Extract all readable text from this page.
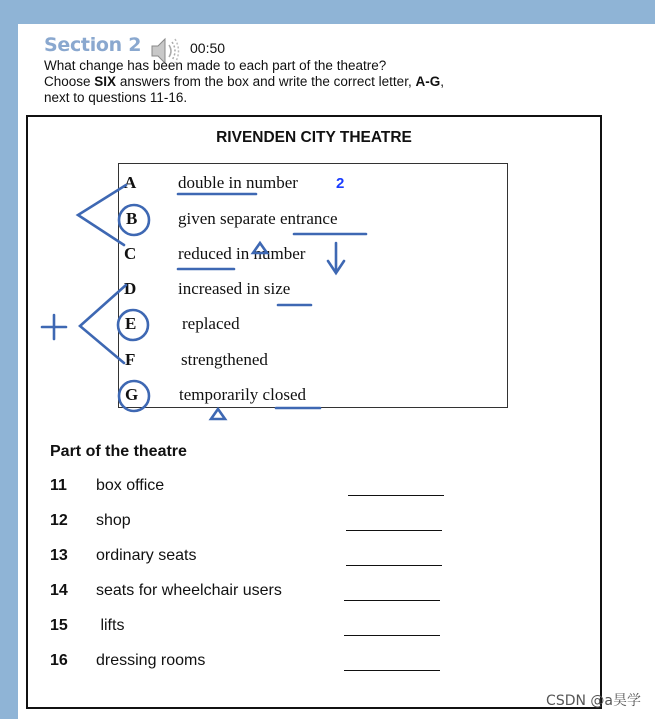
Section 2	00:50
What change has been made to each part of the theatre?
Choose SIX answers from the box and write the correct letter, A-G,
next to questions 11-16.
RIVENDEN CITY THEATRE
A double in number	2
B given separate entrance
C reduced in number
D increased in size
E	replaced
F	strengthened
G temporarily closed
Part of the theatre
11 box office
12 shop
13 ordinary seats
14 seats for wheelchair users
15 lifts
16 dressing rooms
CSDN @a昊学
